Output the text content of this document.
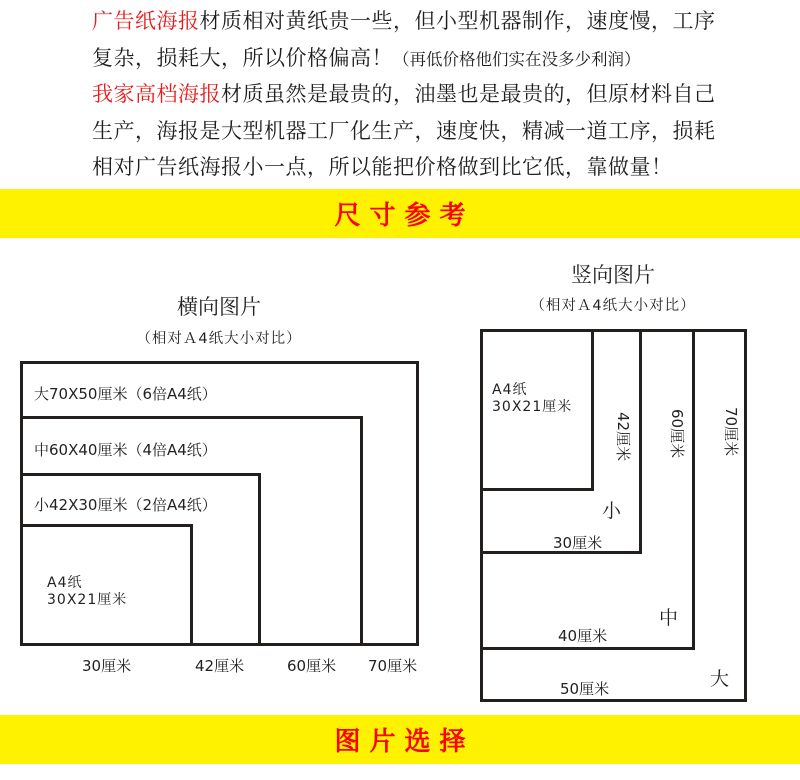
广告纸海报材质相对黄纸贵一些，但小型机器制作，速度慢，工序
复杂，损耗大，所以价格偏高！（再低价格他们实在没多少利润）
我家高档海报材质虽然是最贵的，油墨也是最贵的，但原材料自己
生产，海报是大型机器工厂化生产，速度快，精减一道工序，损耗
相对广告纸海报小一点，所以能把价格做到比它低，靠做量！
尺寸参考
横向图片
（相对Ａ4纸大小对比）
大70X50厘米（6倍A4纸）
中60X40厘米（4倍A4纸）
小42X30厘米（2倍A4纸）
A4纸
30X21厘米
30厘米	42厘米	60厘米 70厘米
竖向图片
（相对Ａ4纸大小对比）
A4纸
30X21厘米
42厘米 60厘米 70厘米
小
中
大
30厘米
40厘米
50厘米
图片选择
